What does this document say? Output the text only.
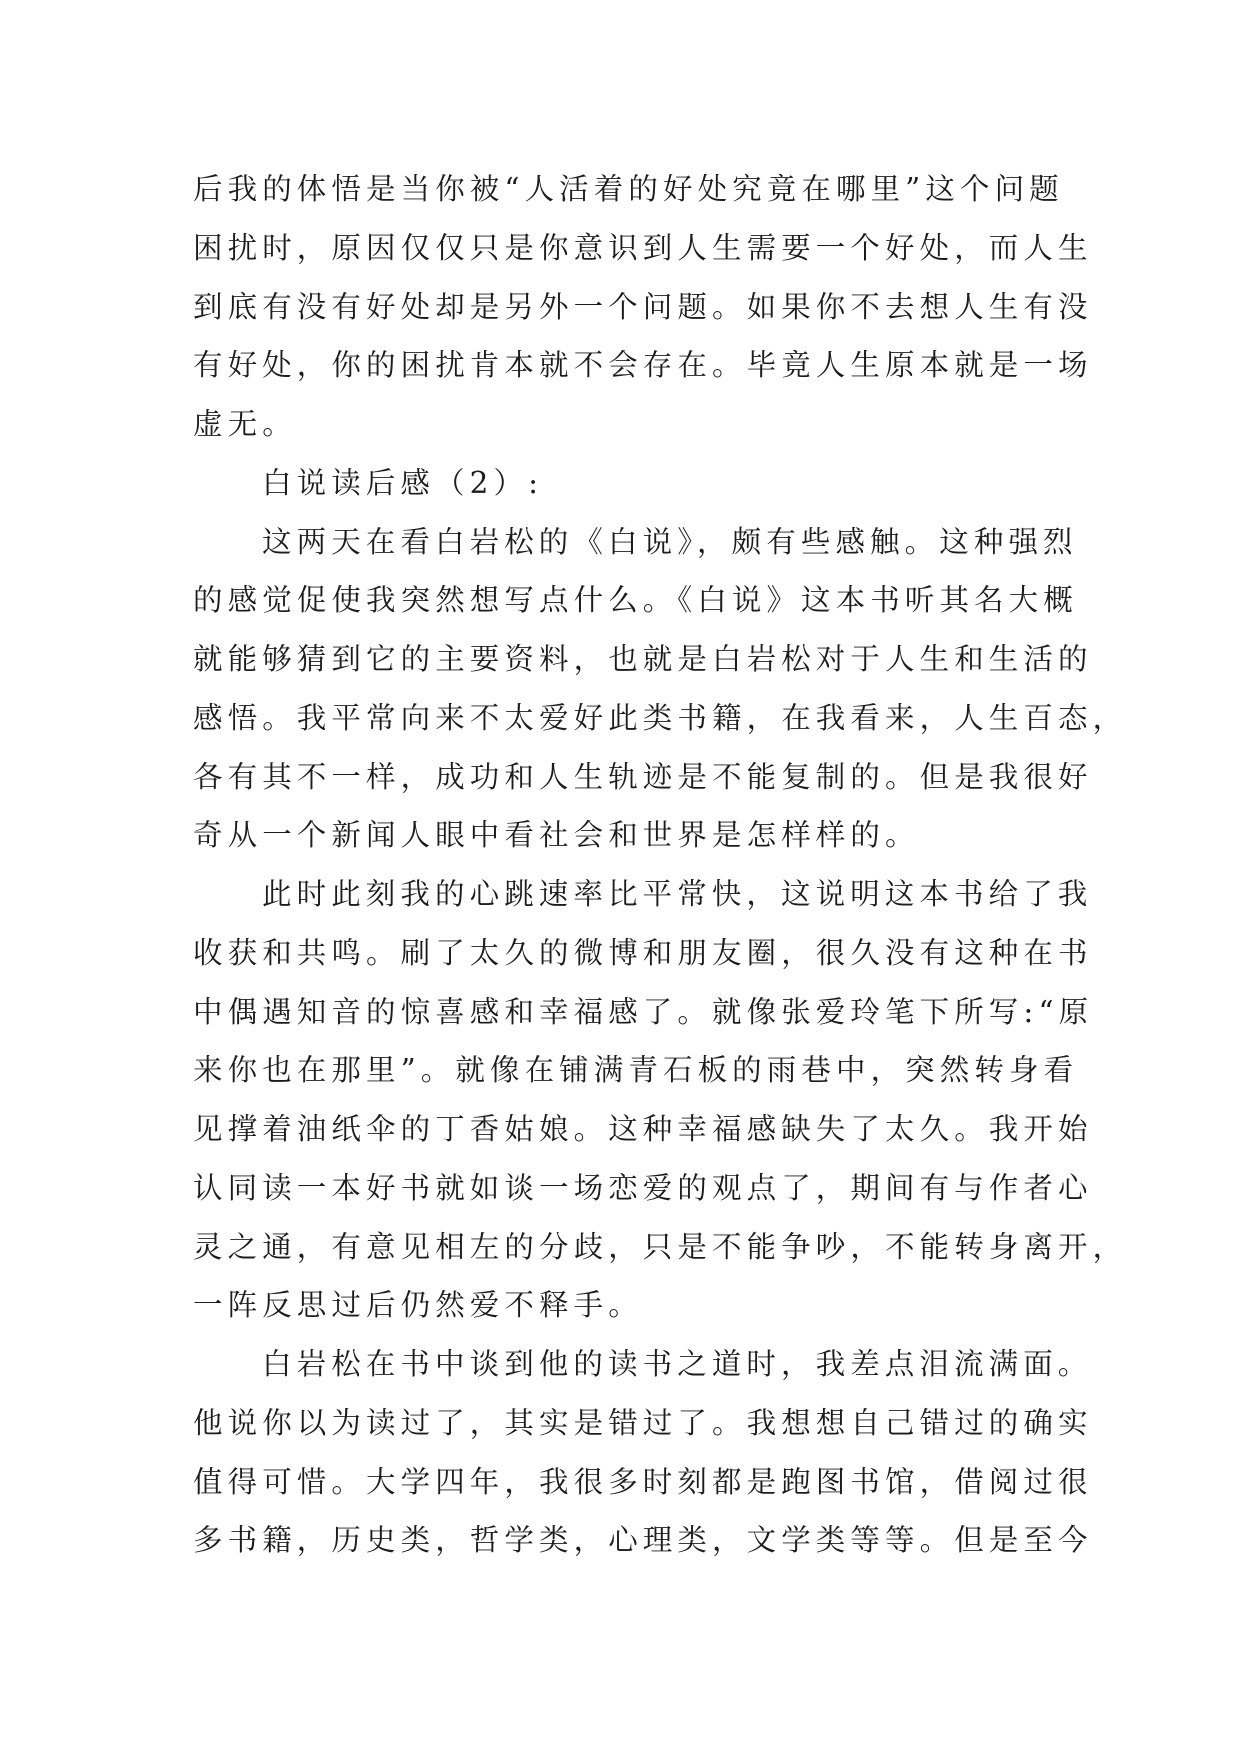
后我的体悟是当你被“人活着的好处究竟在哪里”这个问题
困扰时，原因仅仅只是你意识到人生需要一个好处，而人生
到底有没有好处却是另外一个问题。如果你不去想人生有没
有好处，你的困扰肯本就不会存在。毕竟人生原本就是一场
虚无。
白说读后感（2）:
这两天在看白岩松的《白说》，颇有些感触。这种强烈
的感觉促使我突然想写点什么。《白说》这本书听其名大概
就能够猜到它的主要资料，也就是白岩松对于人生和生活的
感悟。我平常向来不太爱好此类书籍，在我看来，人生百态，
各有其不一样，成功和人生轨迹是不能复制的。但是我很好
奇从一个新闻人眼中看社会和世界是怎样样的。
此时此刻我的心跳速率比平常快，这说明这本书给了我
收获和共鸣。刷了太久的微博和朋友圈，很久没有这种在书
中偶遇知音的惊喜感和幸福感了。就像张爱玲笔下所写:“原
来你也在那里”。就像在铺满青石板的雨巷中，突然转身看
见撑着油纸伞的丁香姑娘。这种幸福感缺失了太久。我开始
认同读一本好书就如谈一场恋爱的观点了，期间有与作者心
灵之通，有意见相左的分歧，只是不能争吵，不能转身离开，
一阵反思过后仍然爱不释手。
白岩松在书中谈到他的读书之道时，我差点泪流满面。
他说你以为读过了，其实是错过了。我想想自己错过的确实
值得可惜。大学四年，我很多时刻都是跑图书馆，借阅过很
多书籍，历史类，哲学类，心理类，文学类等等。但是至今
